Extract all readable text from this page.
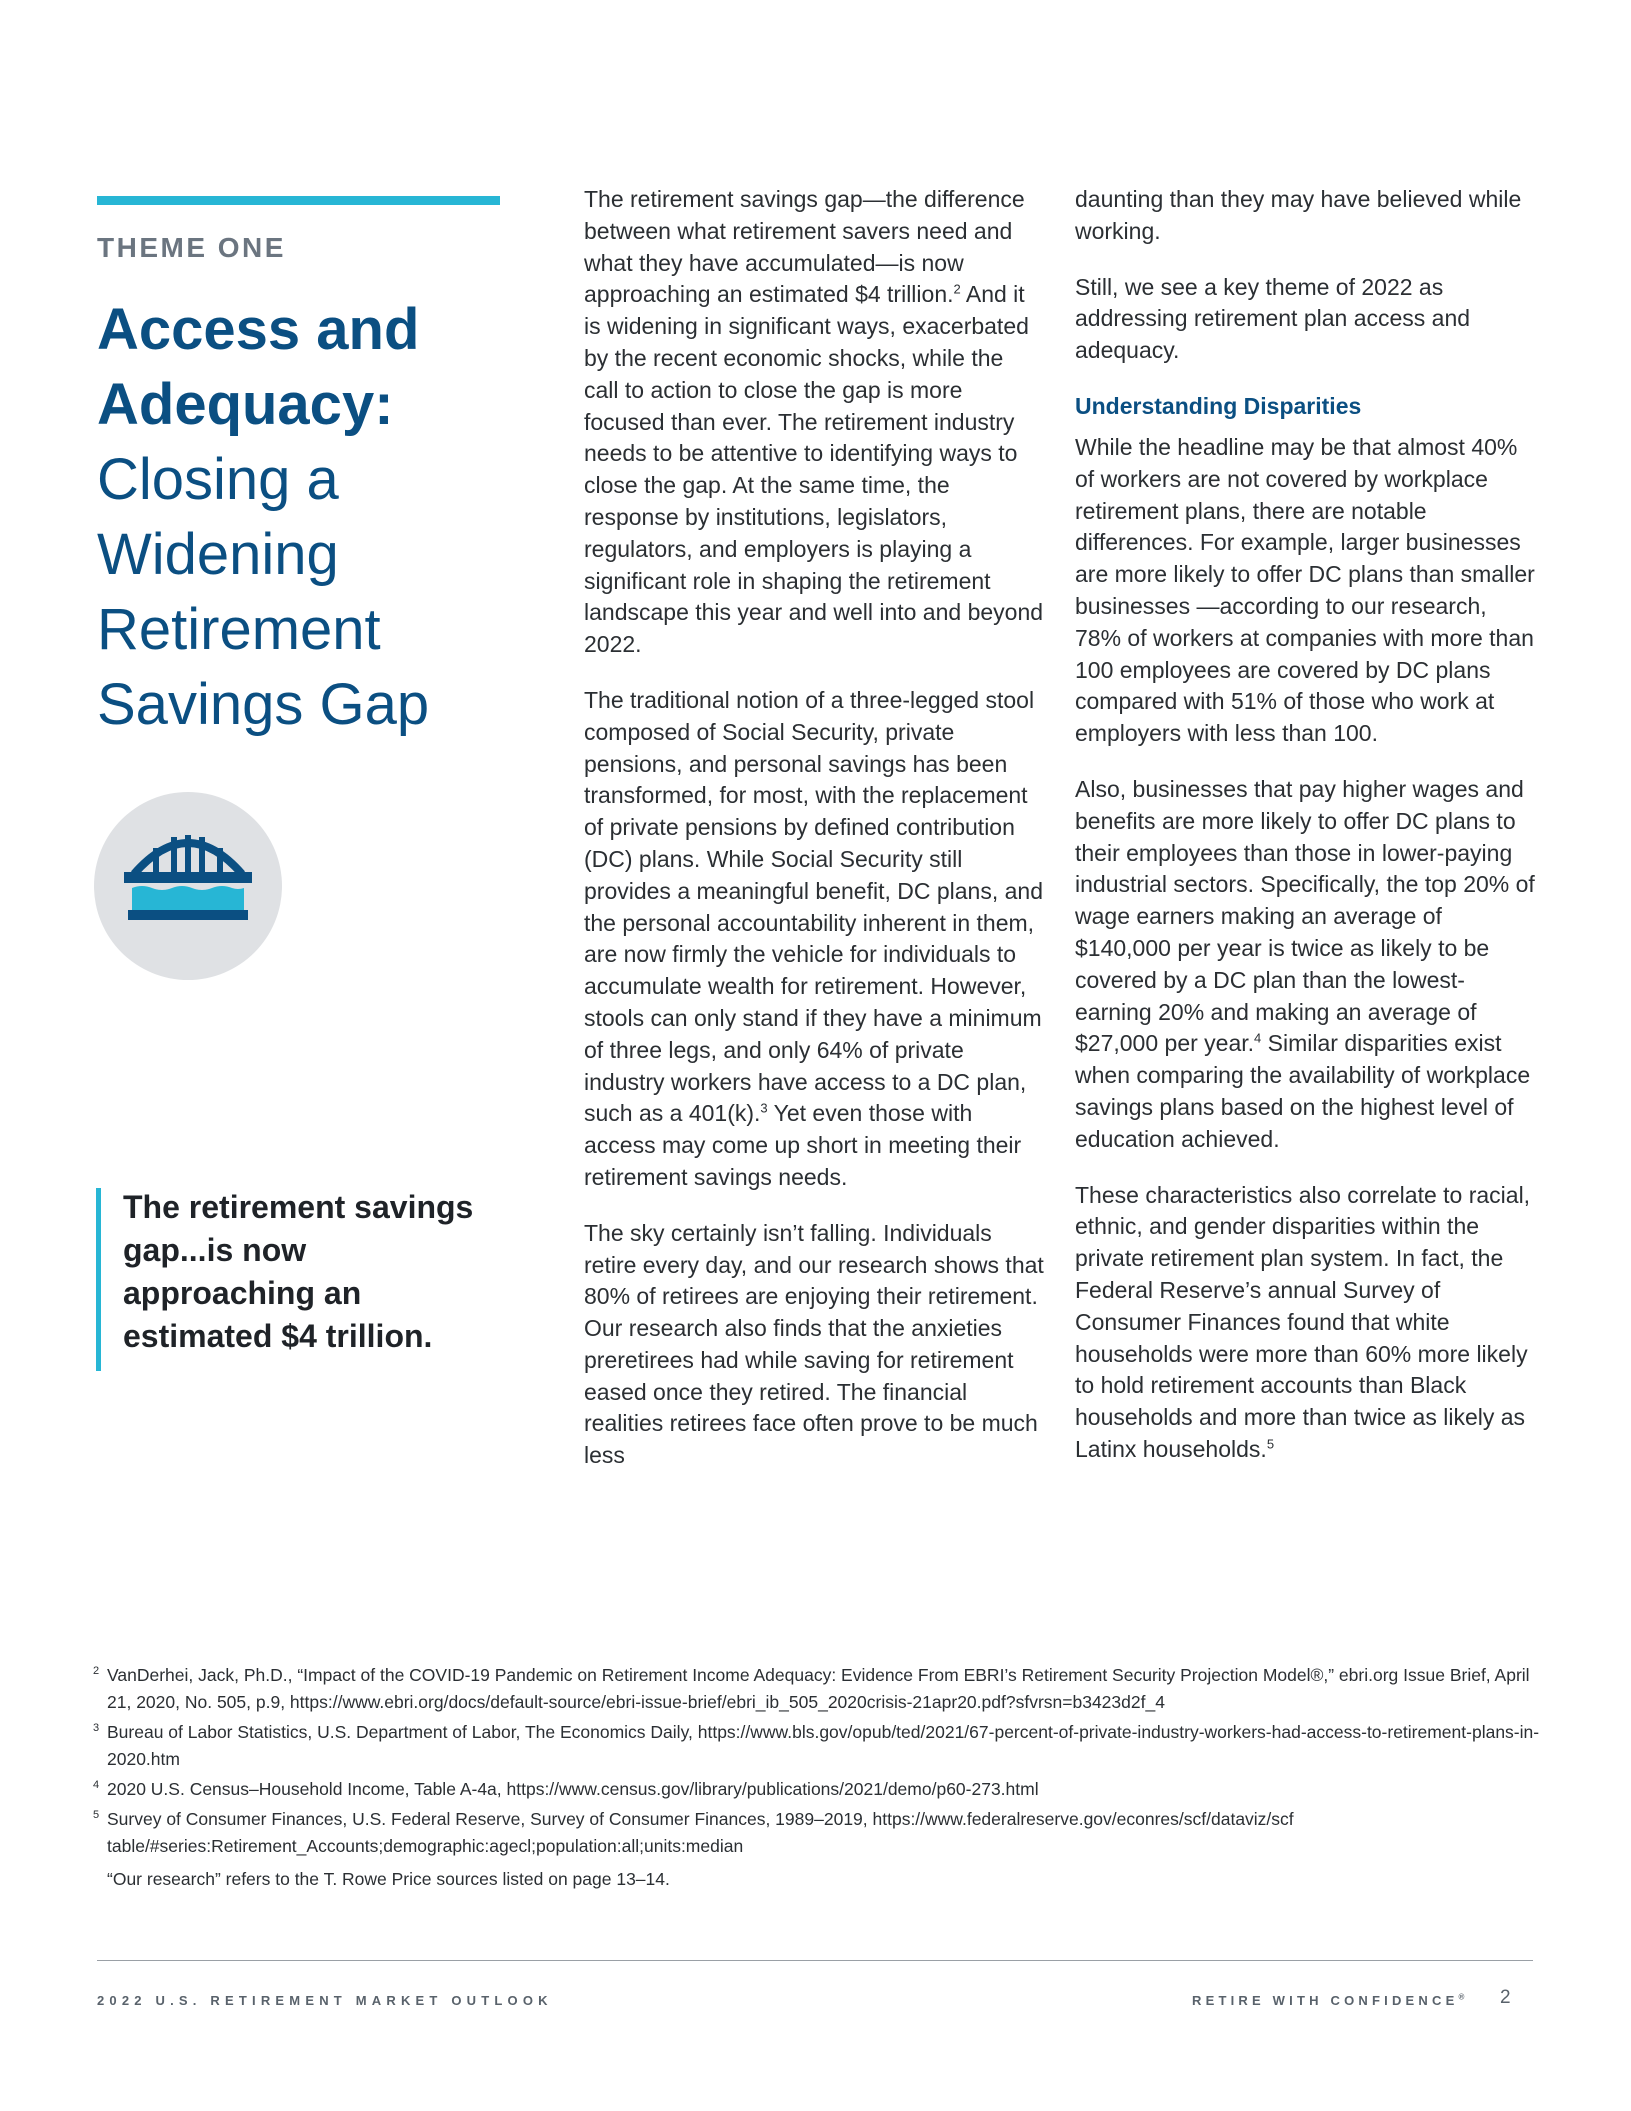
THEME ONE
Access and
Adequacy:
Closing a
Widening
Retirement
Savings Gap
The retirement savings gap...is now approaching an estimated $4 trillion.

The retirement savings gap—the difference between what retirement savers need and what they have accumulated—is now approaching an estimated $4 trillion.$^2$ And it is widening in significant ways, exacerbated by the recent economic shocks, while the call to action to close the gap is more focused than ever. The retirement industry needs to be attentive to identifying ways to close the gap. At the same time, the response by institutions, legislators, regulators, and employers is playing a significant role in shaping the retirement landscape this year and well into and beyond 2022.

The traditional notion of a three-legged stool composed of Social Security, private pensions, and personal savings has been transformed, for most, with the replacement of private pensions by defined contribution (DC) plans. While Social Security still provides a meaningful benefit, DC plans, and the personal accountability inherent in them, are now firmly the vehicle for individuals to accumulate wealth for retirement. However, stools can only stand if they have a minimum of three legs, and only 64% of private industry workers have access to a DC plan, such as a 401(k).$^3$ Yet even those with access may come up short in meeting their retirement savings needs.

The sky certainly isn’t falling. Individuals retire every day, and our research shows that 80% of retirees are enjoying their retirement. Our research also finds that the anxieties preretirees had while saving for retirement eased once they retired. The financial realities retirees face often prove to be much less

daunting than they may have believed while working.

Still, we see a key theme of 2022 as addressing retirement plan access and adequacy.

Understanding Disparities

While the headline may be that almost 40% of workers are not covered by workplace retirement plans, there are notable differences. For example, larger businesses are more likely to offer DC plans than smaller businesses —according to our research, 78% of workers at companies with more than 100 employees are covered by DC plans compared with 51% of those who work at employers with less than 100.

Also, businesses that pay higher wages and benefits are more likely to offer DC plans to their employees than those in lower-paying industrial sectors. Specifically, the top 20% of wage earners making an average of $140,000 per year is twice as likely to be covered by a DC plan than the lowest-earning 20% and making an average of $27,000 per year.$^4$ Similar disparities exist when comparing the availability of workplace savings plans based on the highest level of education achieved.

These characteristics also correlate to racial, ethnic, and gender disparities within the private retirement plan system. In fact, the Federal Reserve’s annual Survey of Consumer Finances found that white households were more than 60% more likely to hold retirement accounts than Black households and more than twice as likely as Latinx households.$^5$

2 VanDerhei, Jack, Ph.D., “Impact of the COVID-19 Pandemic on Retirement Income Adequacy: Evidence From EBRI’s Retirement Security Projection Model®,” ebri.org Issue Brief, April 21, 2020, No. 505, p.9, https://www.ebri.org/docs/default-source/ebri-issue-brief/ebri_ib_505_2020crisis-21apr20.pdf?sfvrsn=b3423d2f_4
3 Bureau of Labor Statistics, U.S. Department of Labor, The Economics Daily, https://www.bls.gov/opub/ted/2021/67-percent-of-private-industry-workers-had-access-to-retirement-plans-in-2020.htm
4 2020 U.S. Census–Household Income, Table A-4a, https://www.census.gov/library/publications/2021/demo/p60-273.html
5 Survey of Consumer Finances, U.S. Federal Reserve, Survey of Consumer Finances, 1989–2019, https://www.federalreserve.gov/econres/scf/dataviz/scf table/#series:Retirement_Accounts;demographic:agecl;population:all;units:median
“Our research” refers to the T. Rowe Price sources listed on page 13–14.
2022 U.S. RETIREMENT MARKET OUTLOOK	RETIRE WITH CONFIDENCE® 2
